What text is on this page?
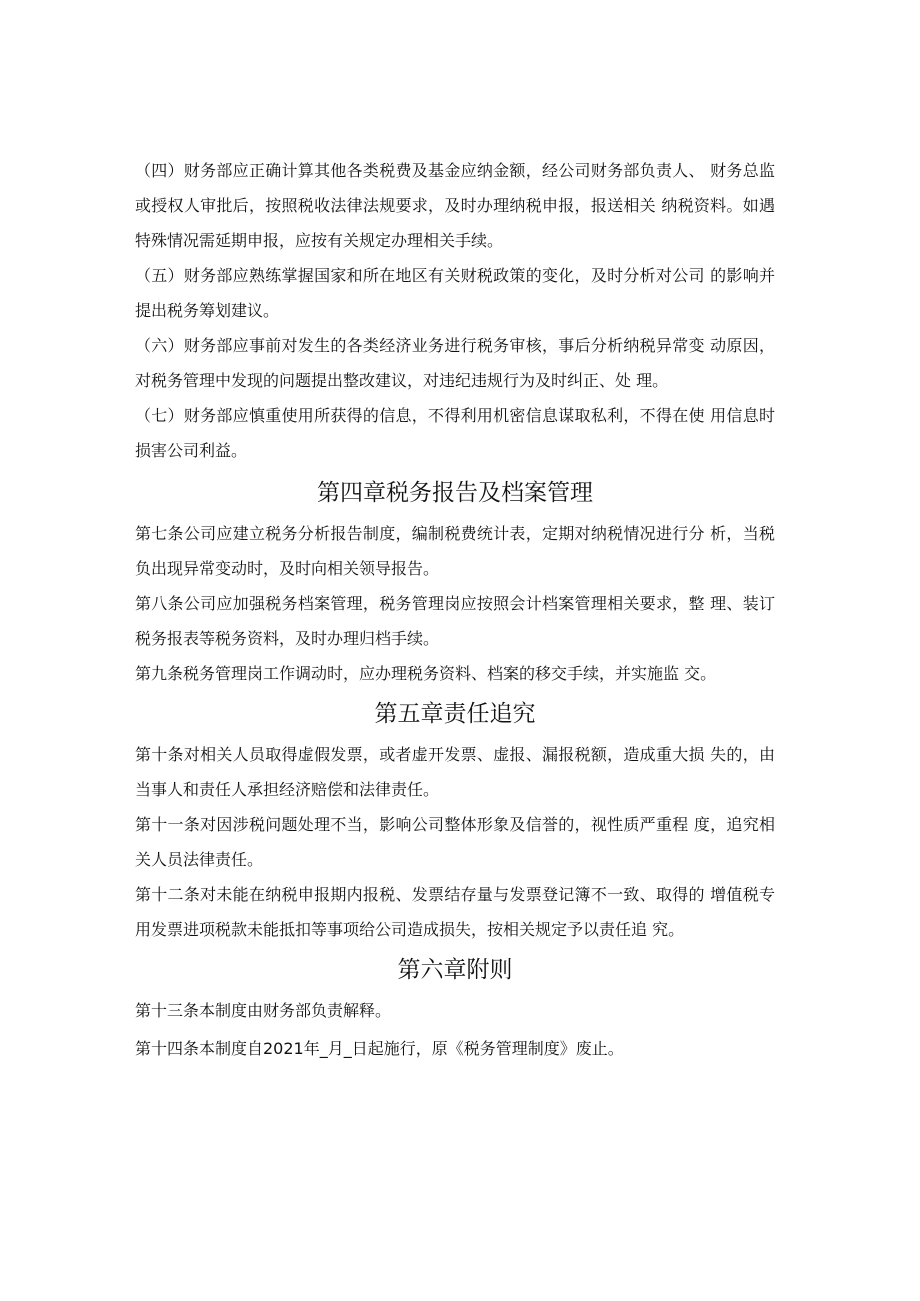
（四）财务部应正确计算其他各类税费及基金应纳金额，经公司财务部负责人、 财务总监或授权人审批后，按照税收法律法规要求，及时办理纳税申报，报送相关 纳税资料。如遇特殊情况需延期申报，应按有关规定办理相关手续。

（五）财务部应熟练掌握国家和所在地区有关财税政策的变化，及时分析对公司 的影响并提出税务筹划建议。

（六）财务部应事前对发生的各类经济业务进行税务审核，事后分析纳税异常变 动原因，对税务管理中发现的问题提出整改建议，对违纪违规行为及时纠正、处 理。

（七）财务部应慎重使用所获得的信息，不得利用机密信息谋取私利，不得在使 用信息时损害公司利益。

第四章税务报告及档案管理

第七条公司应建立税务分析报告制度，编制税费统计表，定期对纳税情况进行分 析，当税负出现异常变动时，及时向相关领导报告。

第八条公司应加强税务档案管理，税务管理岗应按照会计档案管理相关要求，整 理、装订税务报表等税务资料，及时办理归档手续。

第九条税务管理岗工作调动时，应办理税务资料、档案的移交手续，并实施监 交。

第五章责任追究

第十条对相关人员取得虚假发票，或者虚开发票、虚报、漏报税额，造成重大损 失的，由当事人和责任人承担经济赔偿和法律责任。

第十一条对因涉税问题处理不当，影响公司整体形象及信誉的，视性质严重程 度，追究相关人员法律责任。

第十二条对未能在纳税申报期内报税、发票结存量与发票登记簿不一致、取得的 增值税专用发票进项税款未能抵扣等事项给公司造成损失，按相关规定予以责任追 究。

第六章附则

第十三条本制度由财务部负责解释。

第十四条本制度自2021年_月_日起施行，原《税务管理制度》废止。
